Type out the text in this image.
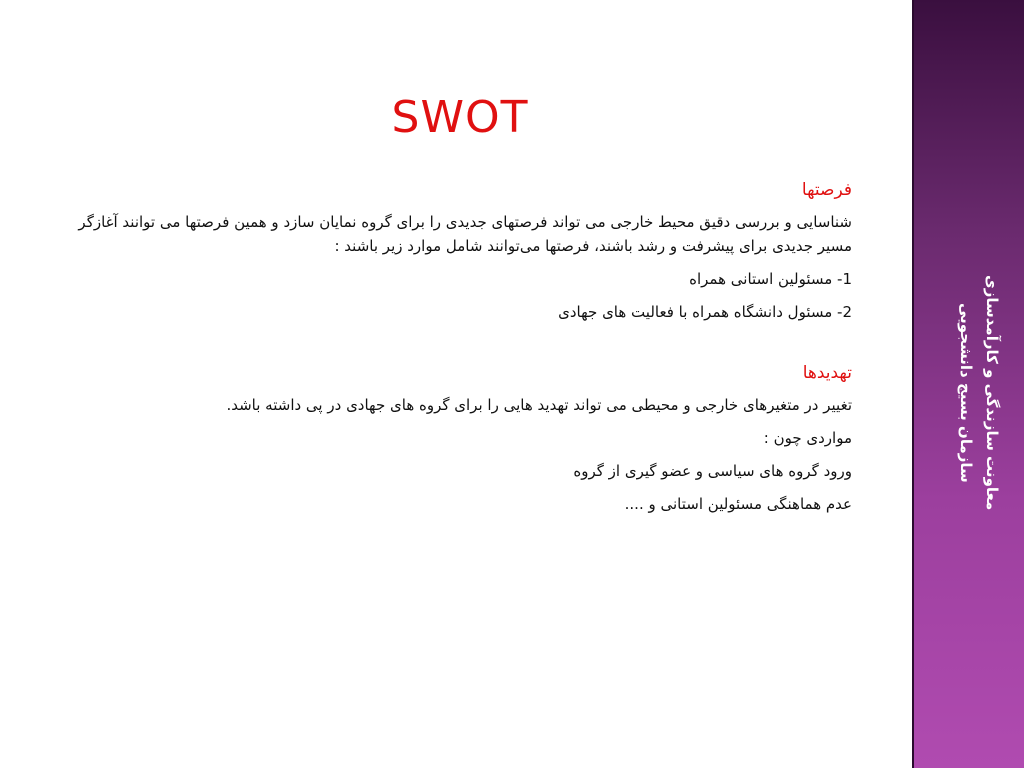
معاونت سازندگی و کارآمدسازی
سازمان بسیج دانشجویی
SWOT
فرصتها
شناسایی و بررسی دقیق محیط خارجی می تواند فرصتهای جدیدی را برای گروه نمایان سازد و همین فرصتها می توانند آغازگر مسیر جدیدی برای پیشرفت و رشد باشند، فرصتها می‌توانند شامل موارد زیر باشند :
1- مسئولین استانی همراه
2- مسئول دانشگاه همراه با فعالیت های جهادی
تهدیدها
تغییر در متغیرهای خارجی و محیطی می تواند تهدید هایی را برای گروه های جهادی در پی داشته باشد.
مواردی چون :
ورود گروه های سیاسی و عضو گیری از گروه
عدم هماهنگی مسئولین استانی و ....
